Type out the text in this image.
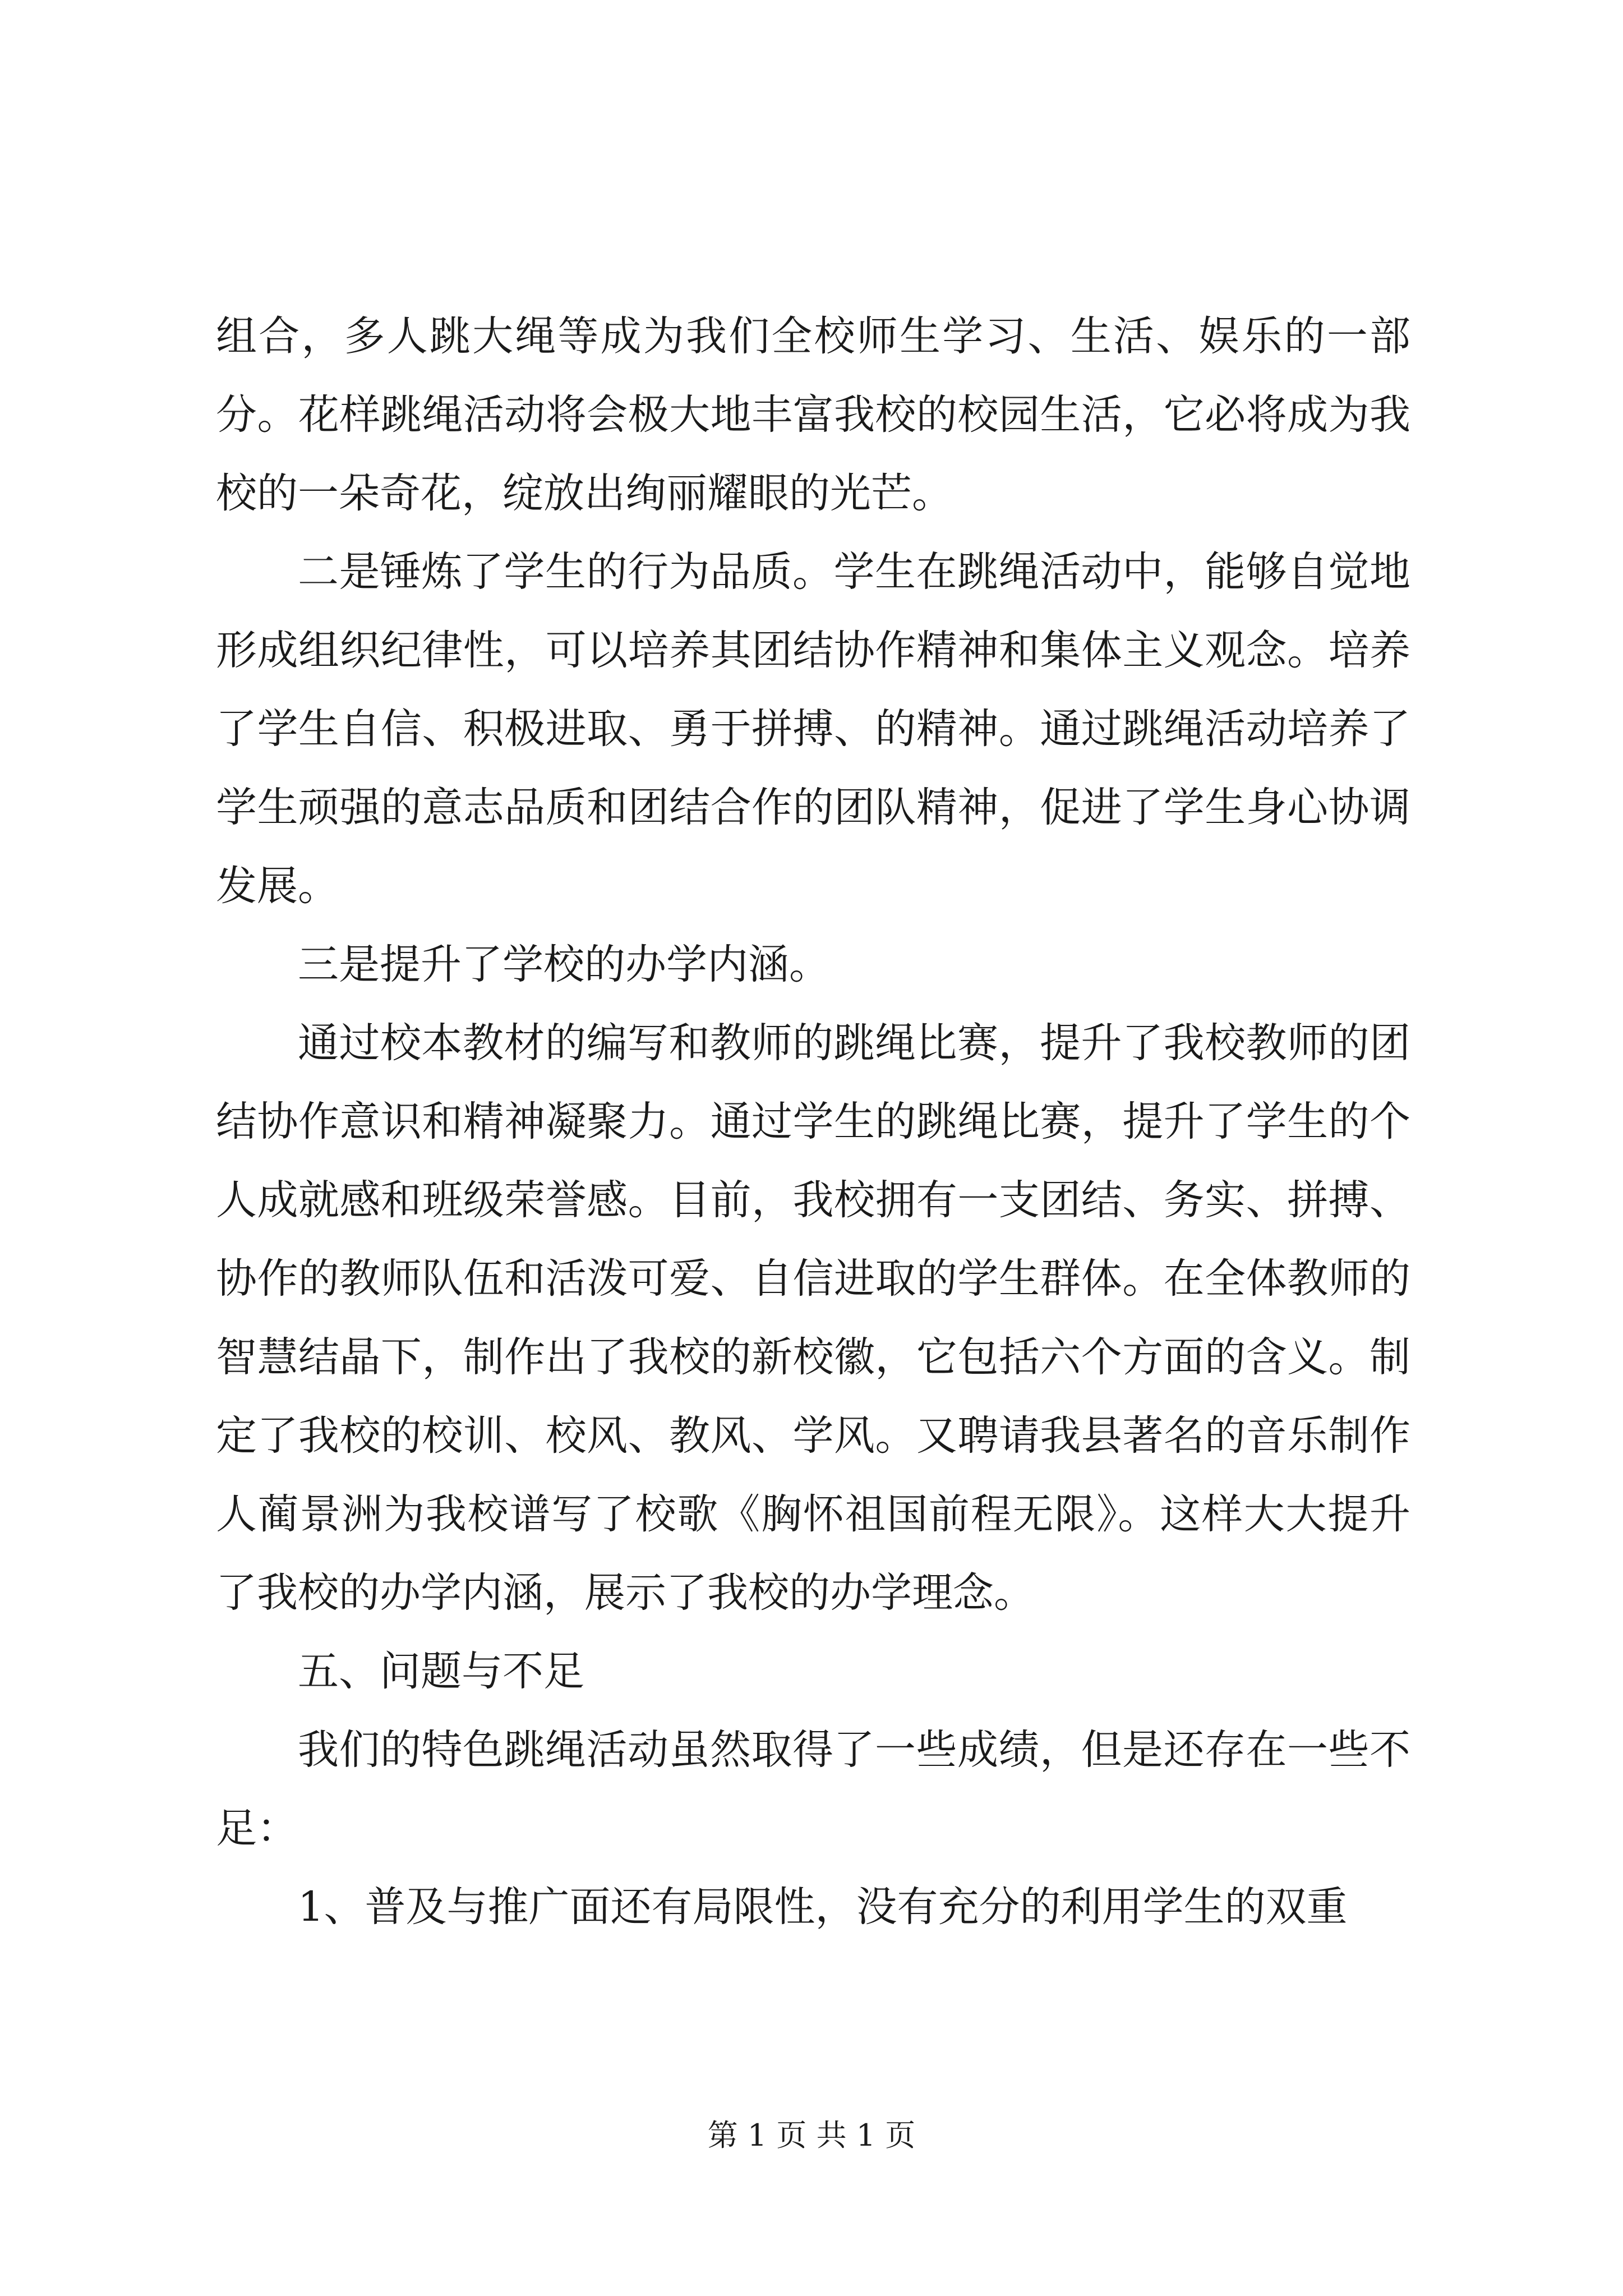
组合，多人跳大绳等成为我们全校师生学习、生活、娱乐的一部分。花样跳绳活动将会极大地丰富我校的校园生活，它必将成为我校的一朵奇花，绽放出绚丽耀眼的光芒。

二是锤炼了学生的行为品质。学生在跳绳活动中，能够自觉地形成组织纪律性，可以培养其团结协作精神和集体主义观念。培养了学生自信、积极进取、勇于拼搏、的精神。通过跳绳活动培养了学生顽强的意志品质和团结合作的团队精神，促进了学生身心协调发展。

三是提升了学校的办学内涵。

通过校本教材的编写和教师的跳绳比赛，提升了我校教师的团结协作意识和精神凝聚力。通过学生的跳绳比赛，提升了学生的个人成就感和班级荣誉感。目前，我校拥有一支团结、务实、拼搏、协作的教师队伍和活泼可爱、自信进取的学生群体。在全体教师的智慧结晶下，制作出了我校的新校徽，它包括六个方面的含义。制定了我校的校训、校风、教风、学风。又聘请我县著名的音乐制作人蔺景洲为我校谱写了校歌《胸怀祖国前程无限》。这样大大提升了我校的办学内涵，展示了我校的办学理念。

五、问题与不足

我们的特色跳绳活动虽然取得了一些成绩，但是还存在一些不足：

1、普及与推广面还有局限性，没有充分的利用学生的双重

第 1 页 共 1 页
